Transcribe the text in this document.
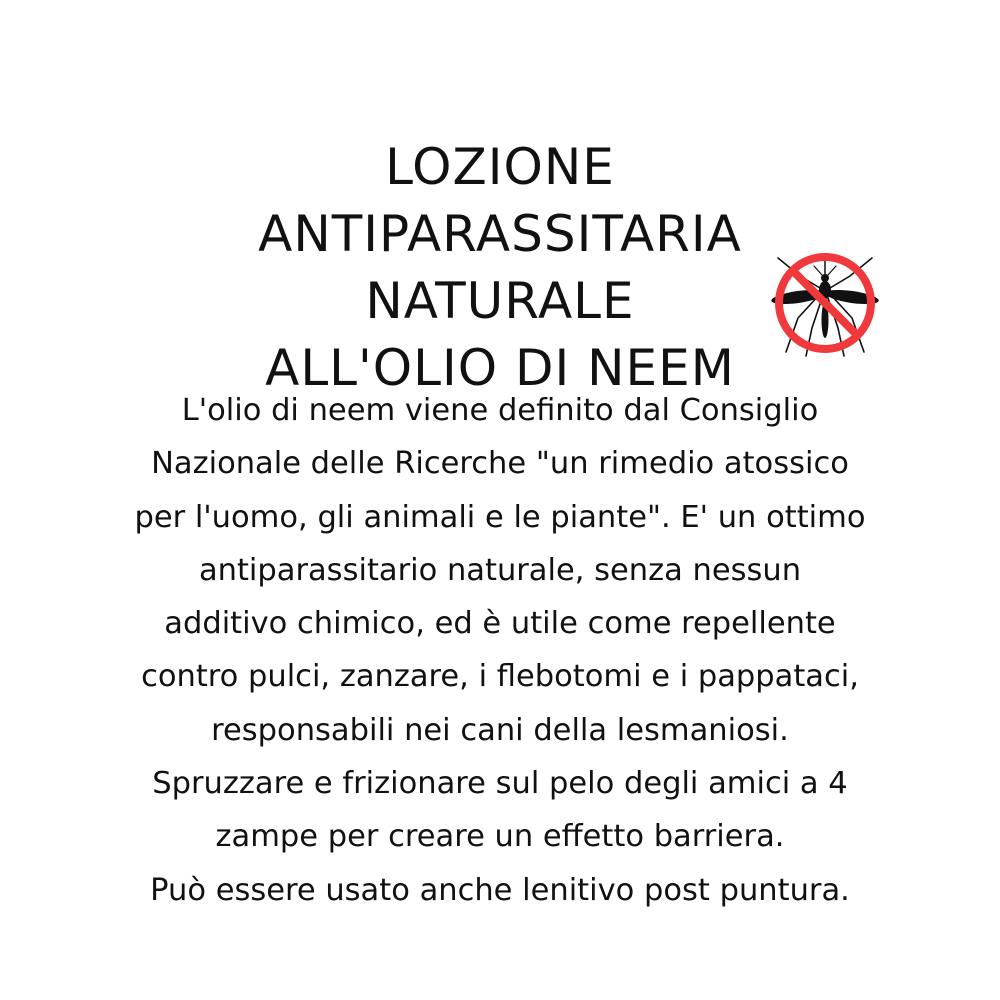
LOZIONE
ANTIPARASSITARIA
NATURALE
ALL'OLIO DI NEEM
L'olio di neem viene definito dal Consiglio
Nazionale delle Ricerche "un rimedio atossico
per l'uomo, gli animali e le piante". E' un ottimo
antiparassitario naturale, senza nessun
additivo chimico, ed è utile come repellente
contro pulci, zanzare, i flebotomi e i pappataci,
responsabili nei cani della lesmaniosi.
Spruzzare e frizionare sul pelo degli amici a 4
zampe per creare un effetto barriera.
Può essere usato anche lenitivo post puntura.
